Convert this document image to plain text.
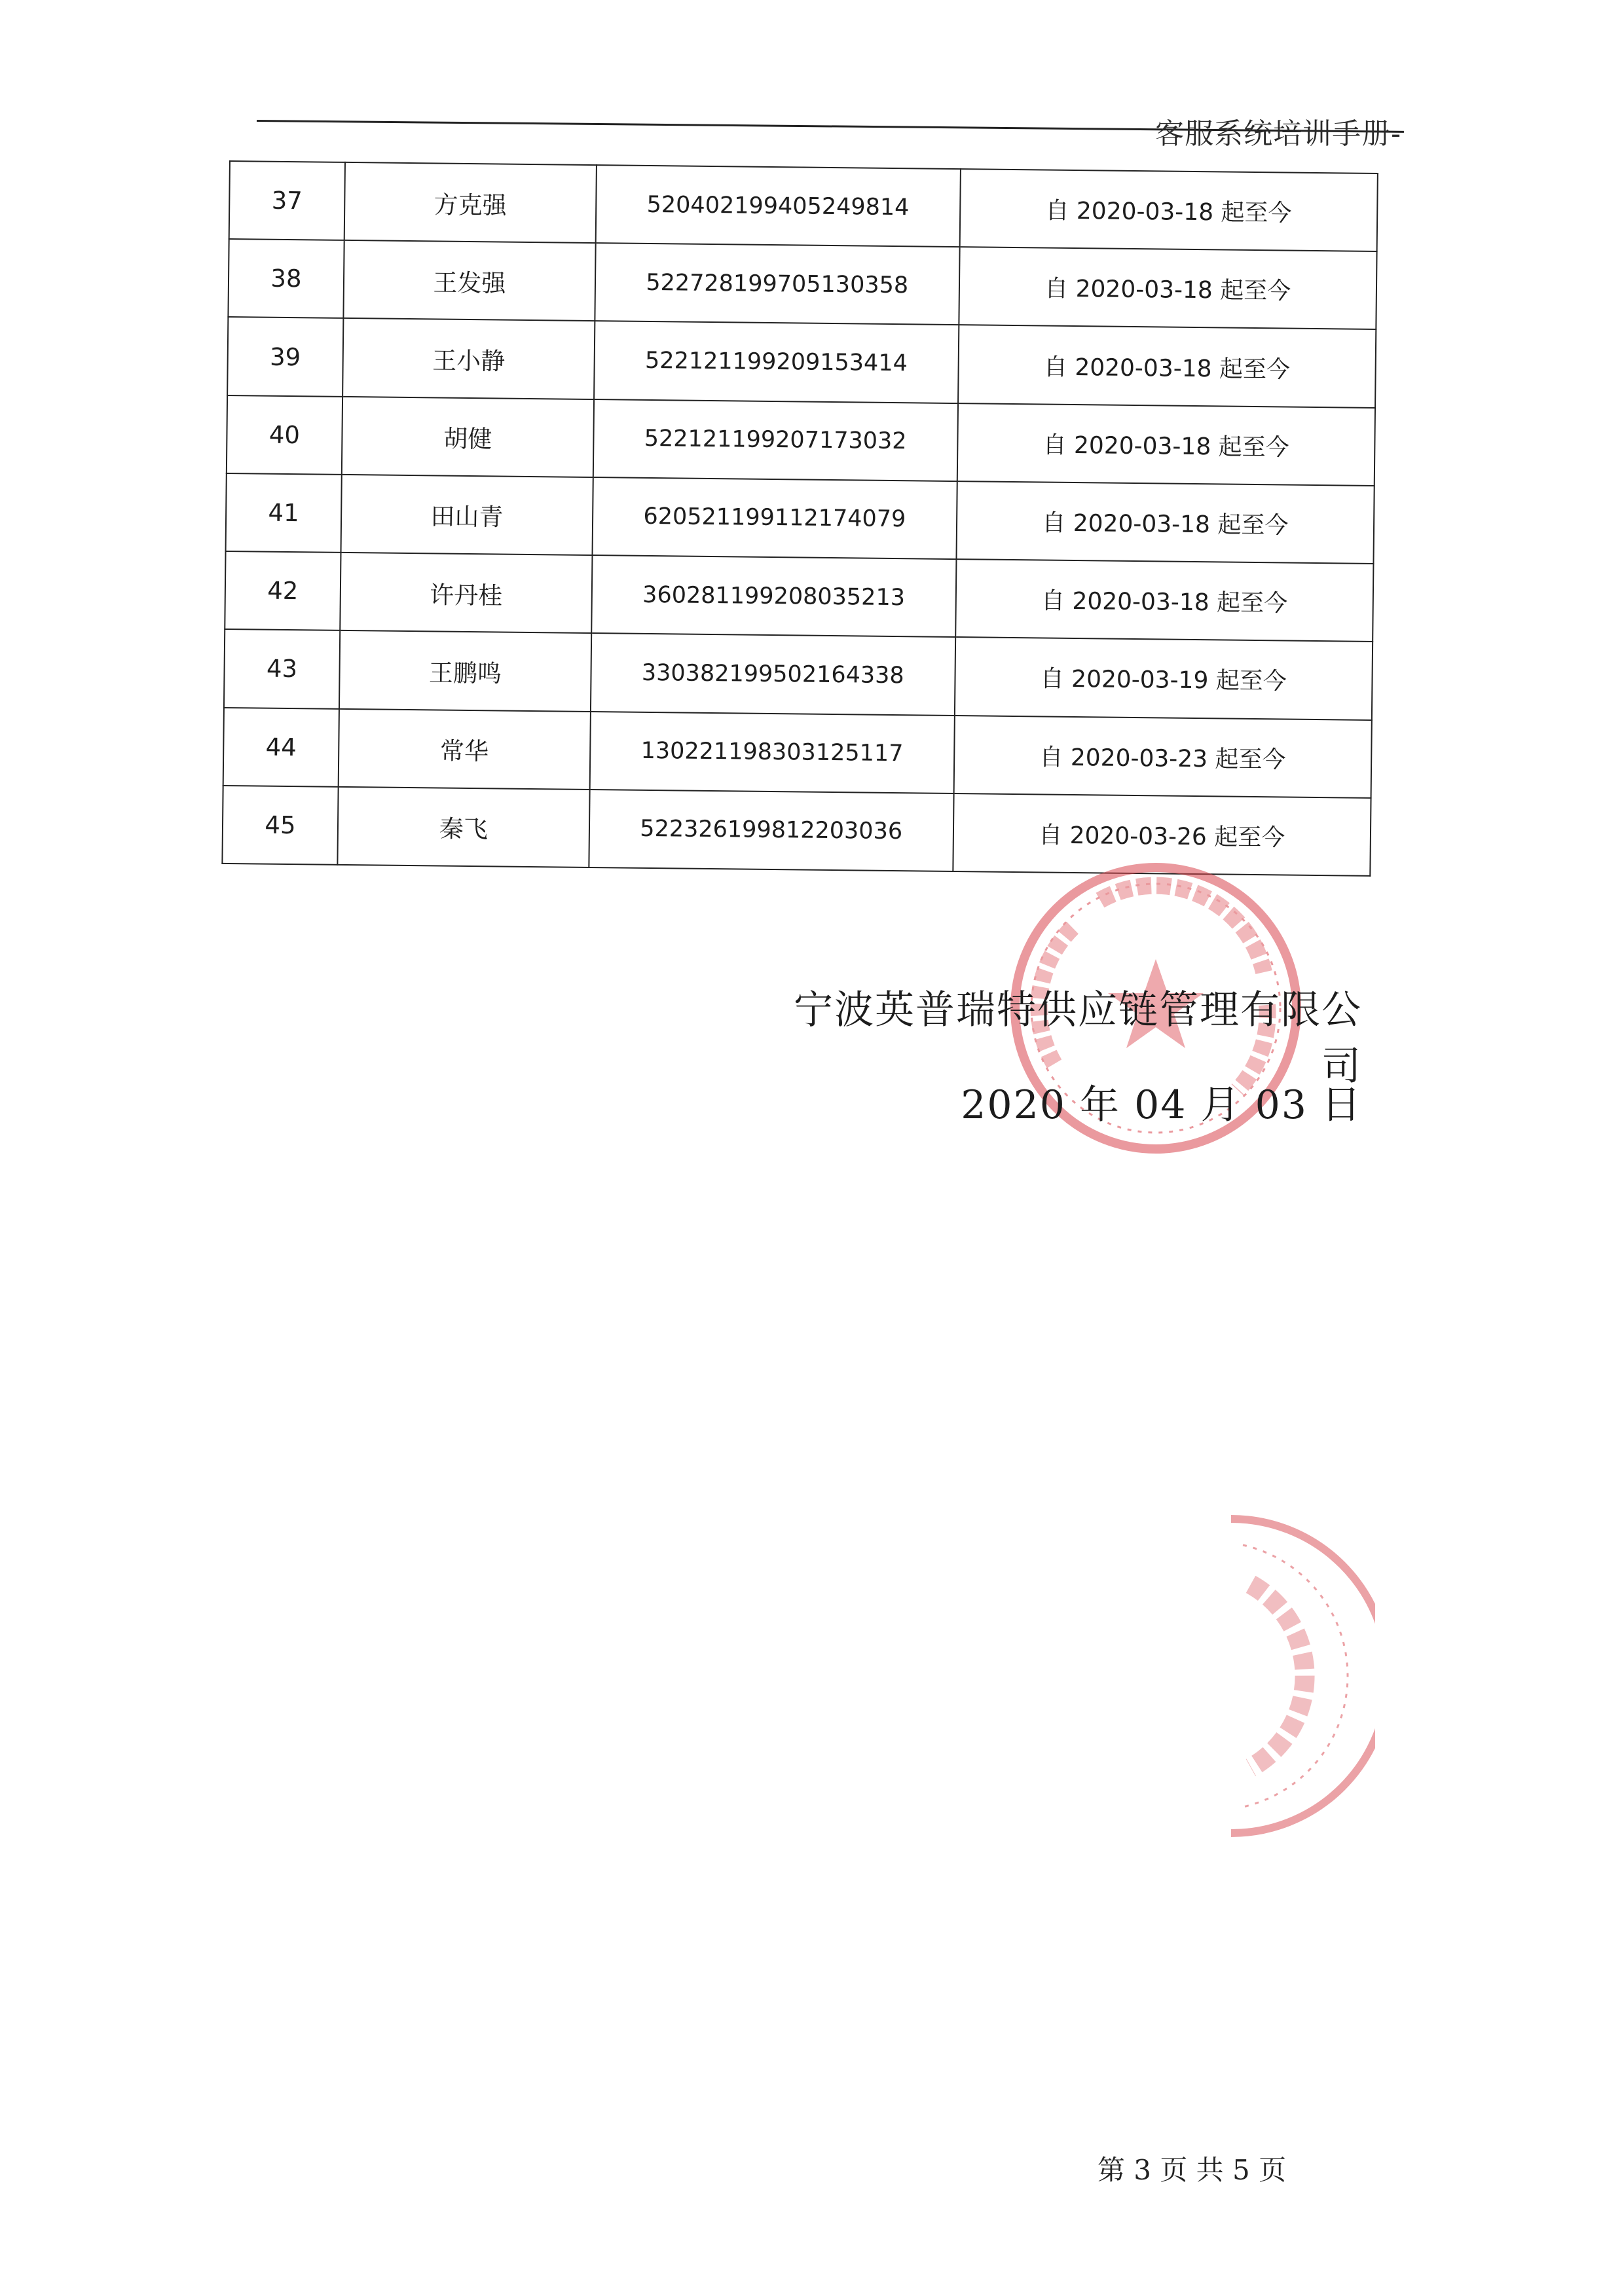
客服系统培训手册-
37	方克强	520402199405249814	自 2020-03-18 起至今
38	王发强	522728199705130358	自 2020-03-18 起至今
39	王小静	522121199209153414	自 2020-03-18 起至今
40	胡健	522121199207173032	自 2020-03-18 起至今
41	田山青	620521199112174079	自 2020-03-18 起至今
42	许丹桂	360281199208035213	自 2020-03-18 起至今
43	王鹏鸣	330382199502164338	自 2020-03-19 起至今
44	常华	130221198303125117	自 2020-03-23 起至今
45	秦飞	522326199812203036	自 2020-03-26 起至今
宁波英普瑞特供应链管理有限公司
2020 年 04 月 03 日
第 3 页 共 5 页
